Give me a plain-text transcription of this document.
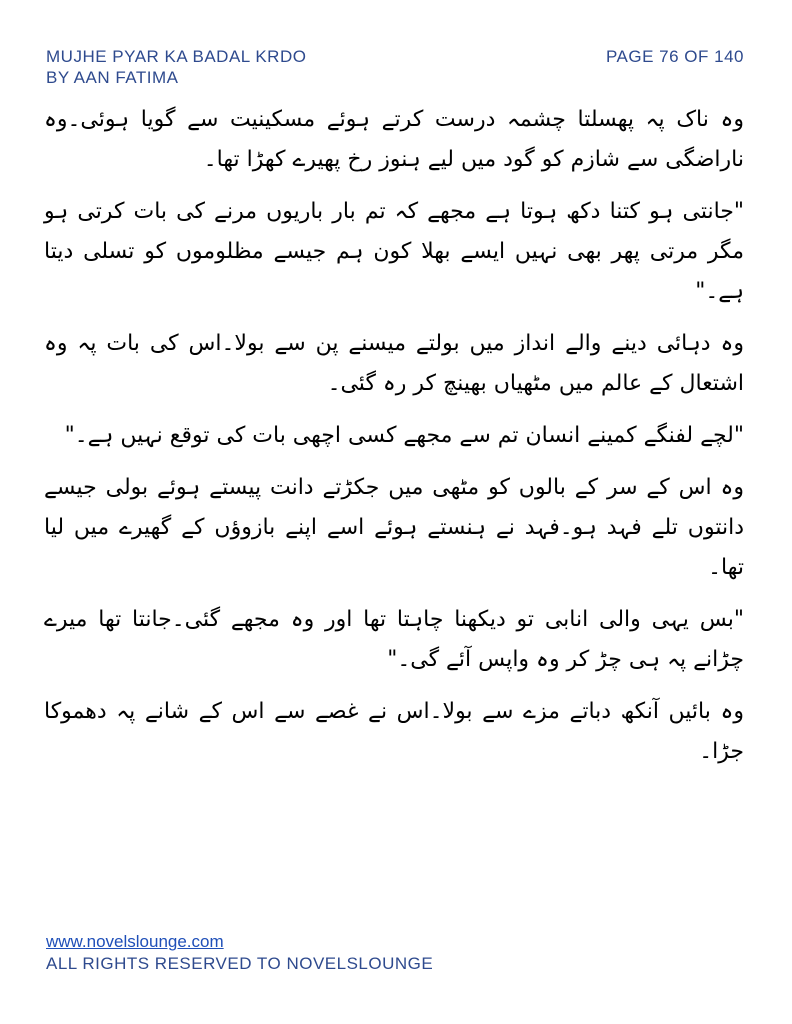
MUJHE PYAR KA BADAL KRDO
BY AAN FATIMA
PAGE 76 OF 140

وہ ناک پہ پھسلتا چشمہ درست کرتے ہوئے مسکینیت سے گویا ہوئی۔وہ ناراضگی سے شازم کو گود میں لیے ہنوز رخ پھیرے کھڑا تھا۔

"جانتی ہو کتنا دکھ ہوتا ہے مجھے کہ تم بار باریوں مرنے کی بات کرتی ہو مگر مرتی پھر بھی نہیں ایسے بھلا کون ہم جیسے مظلوموں کو تسلی دیتا ہے۔"

وہ دہائی دینے والے انداز میں بولتے میسنے پن سے بولا۔اس کی بات پہ وہ اشتعال کے عالم میں مٹھیاں بھینچ کر رہ گئی۔

"لچے لفنگے کمینے انسان تم سے مجھے کسی اچھی بات کی توقع نہیں ہے۔"

وہ اس کے سر کے بالوں کو مٹھی میں جکڑتے دانت پیستے ہوئے بولی جیسے دانتوں تلے فہد ہو۔فہد نے ہنستے ہوئے اسے اپنے بازوؤں کے گھیرے میں لیا تھا۔

"بس یہی والی انابی تو دیکھنا چاہتا تھا اور وہ مجھے گئی۔جانتا تھا میرے چڑانے پہ ہی چڑ کر وہ واپس آئے گی۔"

وہ بائیں آنکھ دباتے مزے سے بولا۔اس نے غصے سے اس کے شانے پہ دھموکا جڑا۔

www.novelslounge.com
ALL RIGHTS RESERVED TO NOVELSLOUNGE
